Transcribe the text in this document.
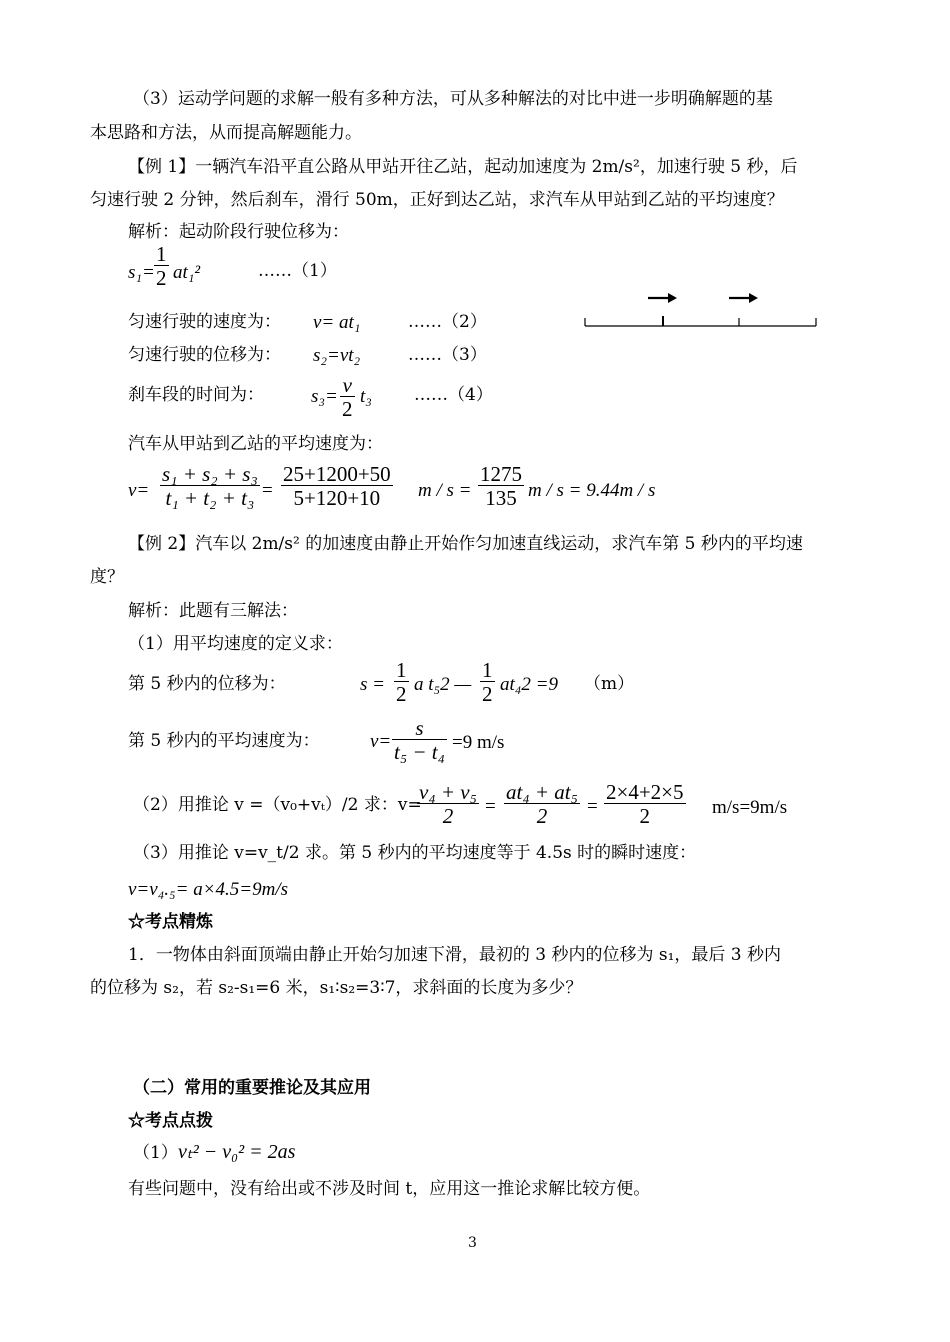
（3）运动学问题的求解一般有多种方法，可从多种解法的对比中进一步明确解题的基
本思路和方法，从而提高解题能力。
【例 1】一辆汽车沿平直公路从甲站开往乙站，起动加速度为 2m/s²，加速行驶 5 秒，后
匀速行驶 2 分钟，然后刹车，滑行 50m，正好到达乙站，求汽车从甲站到乙站的平均速度？
解析：起动阶段行驶位移为：
$s_1= \frac{1}{2} at_1^2$	……（1）
匀速行驶的速度为： v= at₁	……（2）
匀速行驶的位移为： s₂=vt₂	……（3）
刹车段的时间为： $s_3= \frac{v}{2} t_3$ ……（4）
汽车从甲站到乙站的平均速度为：
$v= \frac{\text{s₁ + s₂ + s₃}}{\text{t₁ + t₂ + t₃}} = \frac{25+1200+50}{5+120+10}$ $m / s = \frac{1275}{135}$ m / s = 9.44m / s
【例 2】汽车以 2m/s² 的加速度由静止开始作匀加速直线运动，求汽车第 5 秒内的平均速
度？
解析：此题有三解法：
（1）用平均速度的定义求：
第 5 秒内的位移为：	$s = \frac{1}{2}$ a t₅2 — $\frac{1}{2} at_42 =9$ （m）
第 5 秒内的平均速度为：	$v= \frac{s}{\text{t₅ − t₄}} =9$ m/s
（2）用推论 v =（v₀+vₜ）/2 求：v=
$\frac{\text{v₄ + v₅}}{2} = \frac{\text{at₄ + at₅}}{2} = \frac{2\times 4+2\times 5}{2} m/s=9m/s$
（3）用推论 v=v_t/2 求。第 5 秒内的平均速度等于 4.5s 时的瞬时速度：
v=v₄.₅= a×4.5=9m/s
☆考点精炼
1．一物体由斜面顶端由静止开始匀加速下滑，最初的 3 秒内的位移为 s₁，最后 3 秒内
的位移为 s₂，若 s₂-s₁=6 米，s₁∶s₂=3∶7，求斜面的长度为多少？
（二）常用的重要推论及其应用
☆考点点拨
（1） vₜ² − v₀² = 2as
有些问题中，没有给出或不涉及时间 t，应用这一推论求解比较方便。
3
